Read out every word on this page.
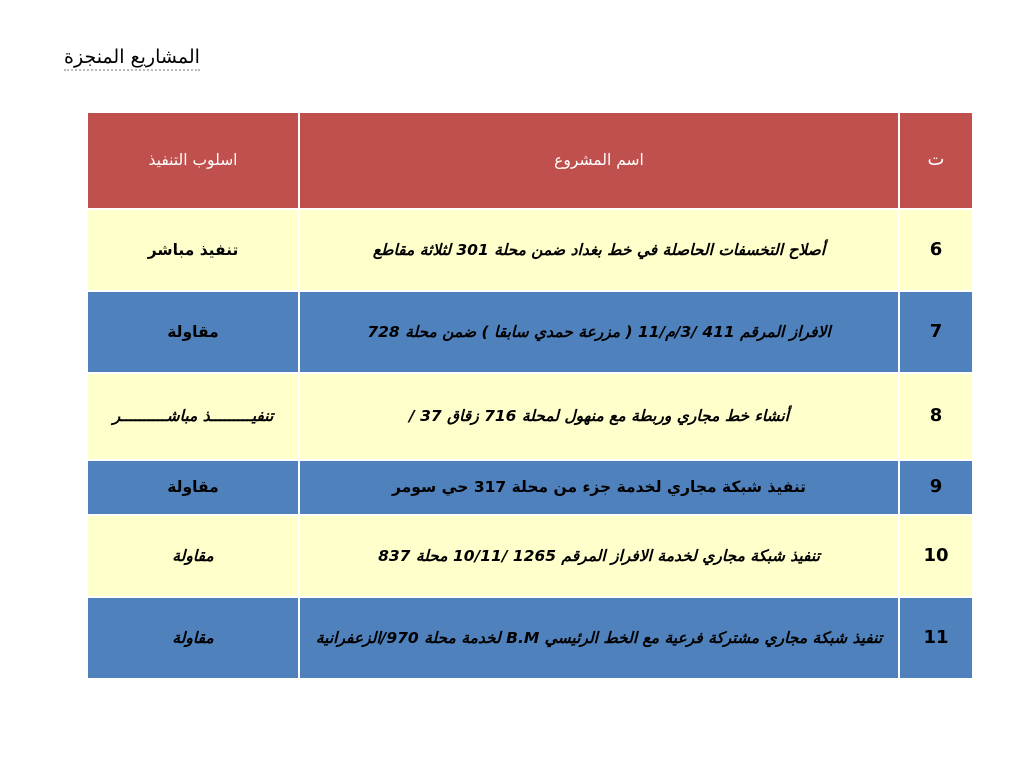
المشاريع المنجزة
ت	اسم المشروع	اسلوب التنفيذ
6	أصلاح التخسفات الحاصلة في خط بغداد ضمن محلة 301 لثلاثة مقاطع	تنفيذ مباشر
7	الافراز المرقم 411 /3/م/11 ( مزرعة حمدي سابقا ) ضمن محلة 728	مقاولة
8	أنشاء خط مجاري وربطة مع منهول لمحلة 716 زقاق 37 /	تنفيـــــــــذ مباشــــــــــر
9	تنفيذ شبكة مجاري لخدمة جزء من محلة 317 حي سومر	مقاولة
10	تنفيذ شبكة مجاري لخدمة الافراز المرقم 1265 /10/11 محلة 837	مقاولة
11	تنفيذ شبكة مجاري مشتركة فرعية مع الخط الرئيسي B.M لخدمة محلة 970/الزعفرانية	مقاولة
